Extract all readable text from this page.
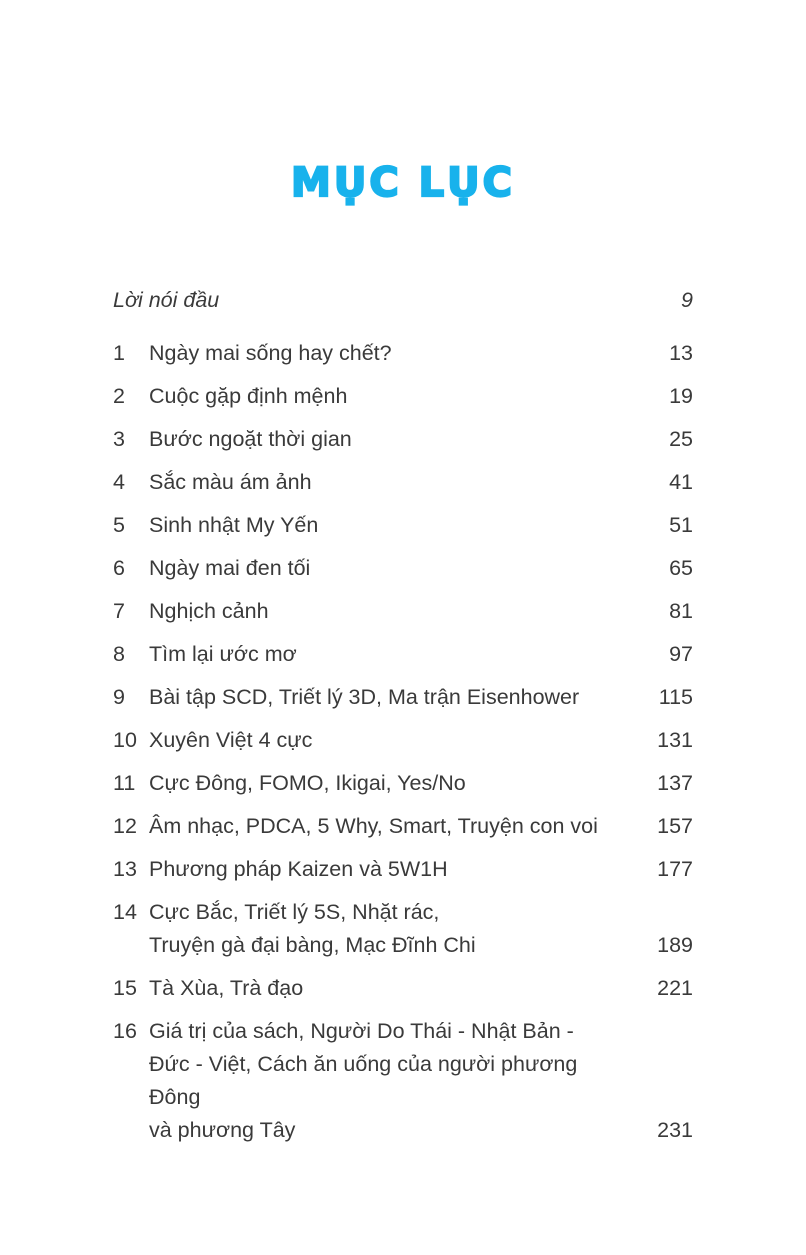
MỤC LỤC
Lời nói đầu	9
1	Ngày mai sống hay chết?	13
2	Cuộc gặp định mệnh	19
3	Bước ngoặt thời gian	25
4	Sắc màu ám ảnh	41
5	Sinh nhật My Yến	51
6	Ngày mai đen tối	65
7	Nghịch cảnh	81
8	Tìm lại ước mơ	97
9	Bài tập SCD, Triết lý 3D, Ma trận Eisenhower	115
10 Xuyên Việt 4 cực	131
11 Cực Đông, FOMO, Ikigai, Yes/No	137
12 Âm nhạc, PDCA, 5 Why, Smart, Truyện con voi	157
13 Phương pháp Kaizen và 5W1H	177
14 Cực Bắc, Triết lý 5S, Nhặt rác,
Truyện gà đại bàng, Mạc Đĩnh Chi	189
15 Tà Xùa, Trà đạo	221
16 Giá trị của sách, Người Do Thái - Nhật Bản -
Đức - Việt, Cách ăn uống của người phương Đông
và phương Tây	231
